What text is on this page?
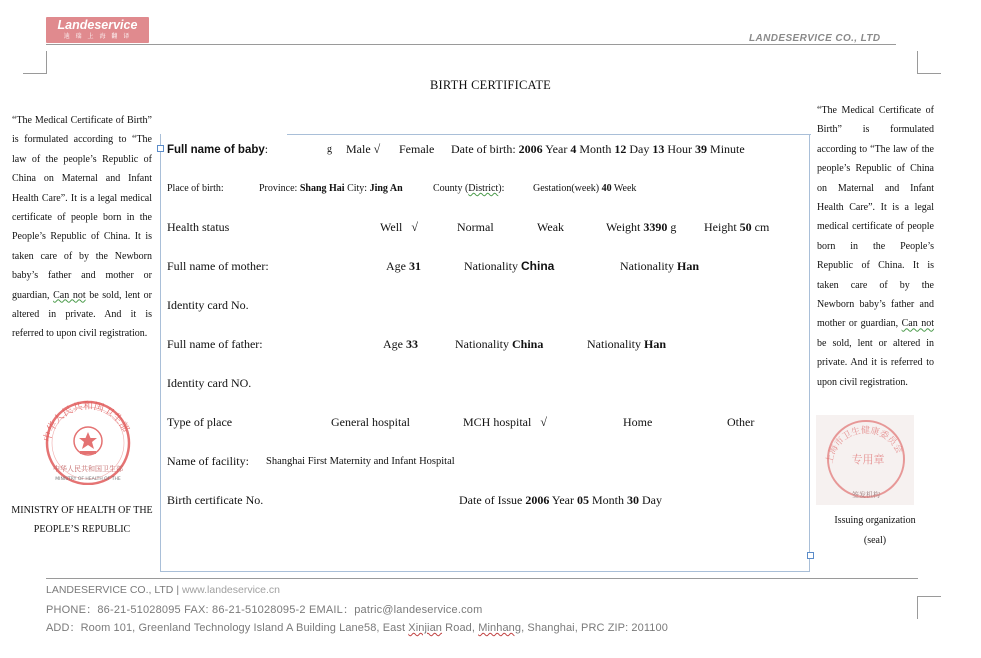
Landeservice
迪 瑞 上 海 翻 译	LANDESERVICE CO., LTD
BIRTH CERTIFICATE
“The Medical Certificate of Birth” is formulated according to “The law of the people’s Republic of China on Maternal and Infant Health Care”. It is a legal medical certificate of people born in the People’s Republic of China. It is taken care of by the Newborn baby’s father and mother or guardian, Can not be sold, lent or altered in private. And it is referred to upon civil registration.
中华人民共和国卫生部
中华人民共和国卫生部
MINISTRY OF HEALTH OF THE
MINISTRY OF HEALTH OF THE PEOPLE’S REPUBLIC
“The Medical Certificate of Birth” is formulated according to “The law of the people’s Republic of China on Maternal and Infant Health Care”. It is a legal medical certificate of people born in the People’s Republic of China. It is taken care of by the Newborn baby’s father and mother or guardian, Can not be sold, lent or altered in private. And it is referred to upon civil registration.
上海市卫生健康委员会
专用章
签发机构
Issuing organization
(seal)
Full name of baby:	g Male √ Female Date of birth: 2006 Year 4 Month 12 Day 13 Hour 39 Minute
Place of birth:	Province: Shang Hai City: Jing An	County (District):	Gestation(week) 40 Week
Health status	Well   √	Normal	Weak	Weight 3390 g Height 50 cm
Full name of mother:	Age 31	Nationality China	Nationality Han
Identity card No.
Full name of father:	Age 33	Nationality China	Nationality Han
Identity card NO.
Type of place	General hospital	MCH hospital   √	Home	Other
Name of facility: Shanghai First Maternity and Infant Hospital
Birth certificate No.	Date of Issue 2006 Year 05 Month 30 Day
LANDESERVICE CO., LTD | www.landeservice.cn
PHONE：86-21-51028095 FAX: 86-21-51028095-2 EMAIL：patric@landeservice.com
ADD：Room 101, Greenland Technology Island A Building Lane58, East Xinjian Road, Minhang, Shanghai, PRC ZIP: 201100
